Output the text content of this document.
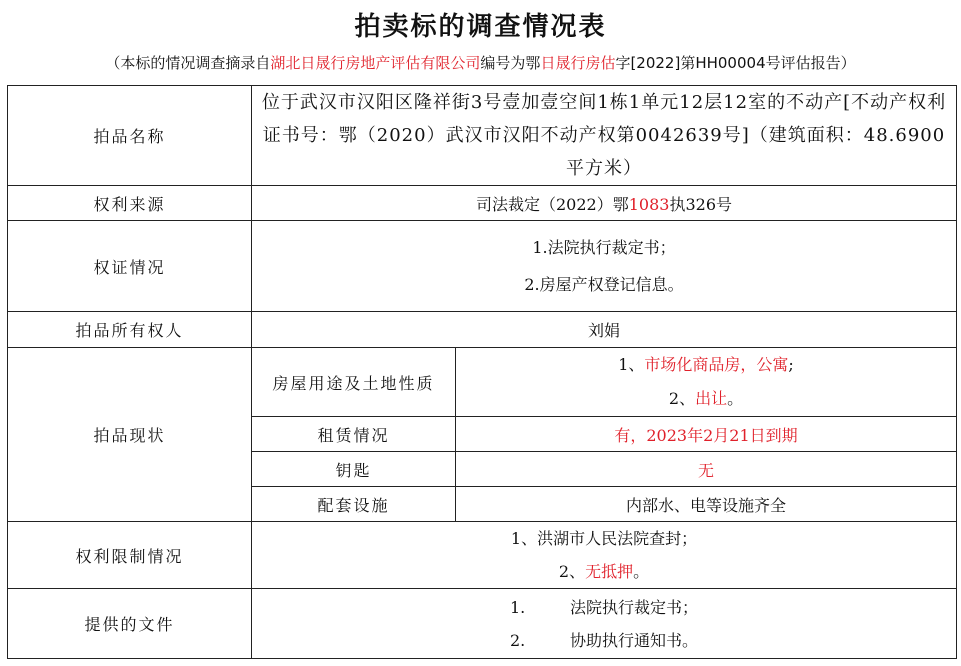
拍卖标的调查情况表
（本标的情况调查摘录自湖北日晟行房地产评估有限公司编号为鄂日晟行房估字[2022]第HH00004号评估报告）
拍品名称	位于武汉市汉阳区隆祥街3号壹加壹空间1栋1单元12层12室的不动产[不动产权利证书号：鄂（2020）武汉市汉阳不动产权第0042639号]（建筑面积：48.6900平方米）	
权利来源	司法裁定（2022）鄂1083执326号	
权证情况	1.法院执行裁定书；
2.房屋产权登记信息。	

拍品所有权人	刘娟	
拍品现状	房屋用途及土地性质	1、市场化商品房，公寓;
2、出让。

	租赁情况	有，2023年2月21日到期
	钥匙	无
	配套设施	内部水、电等设施齐全
权利限制情况	1、洪湖市人民法院查封；
2、无抵押。	

提供的文件	1. 法院执行裁定书；
2. 协助执行通知书。	
